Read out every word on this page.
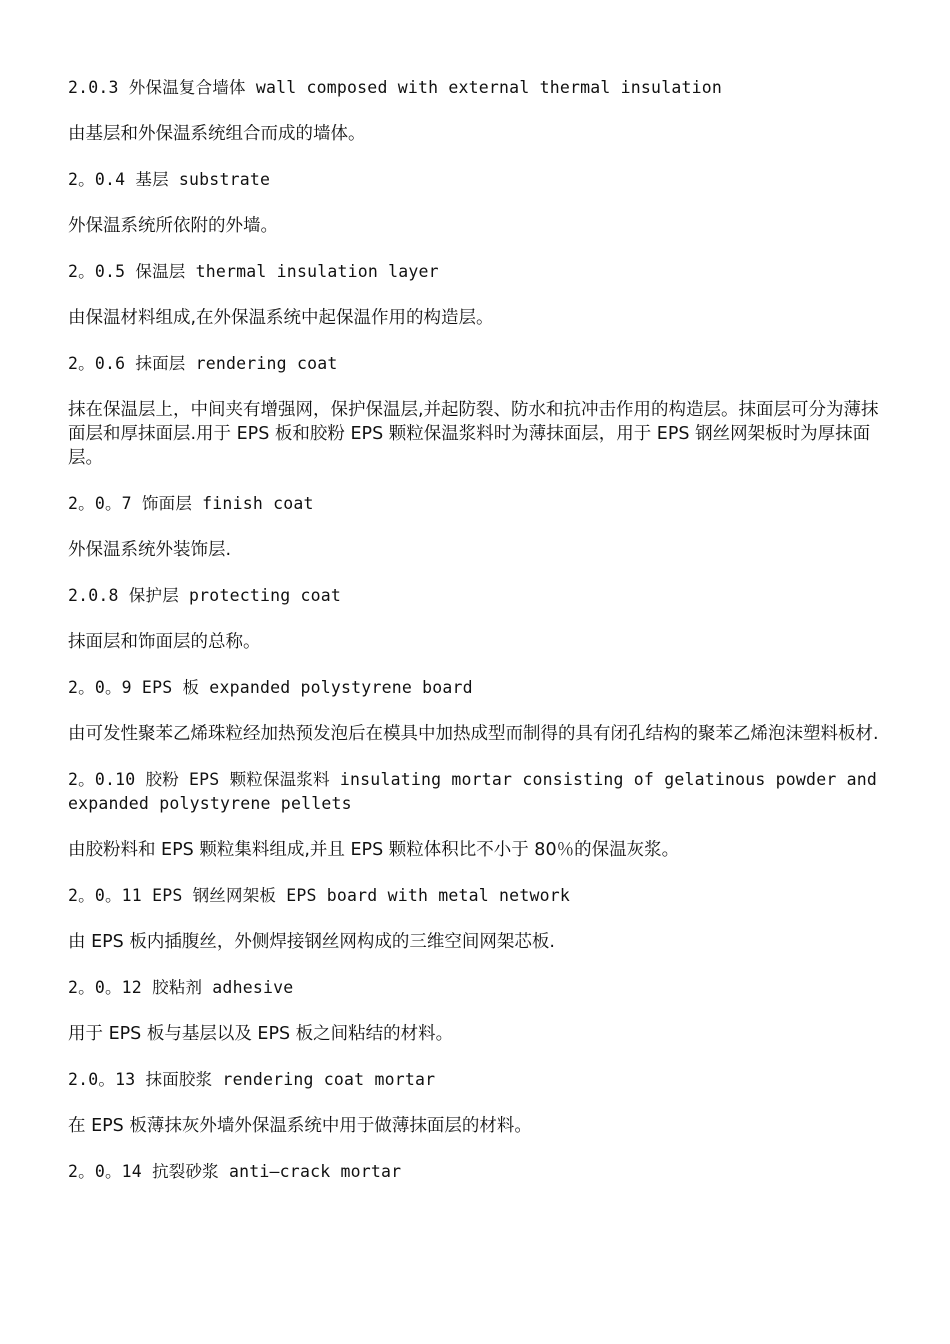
2.0.3 外保温复合墙体 wall composed with external thermal insulation

由基层和外保温系统组合而成的墙体。

2。0.4 基层 substrate

外保温系统所依附的外墙。

2。0.5 保温层 thermal insulation layer

由保温材料组成,在外保温系统中起保温作用的构造层。

2。0.6 抹面层 rendering coat

抹在保温层上，中间夹有增强网，保护保温层,并起防裂、防水和抗冲击作用的构造层。抹面层可分为薄抹面层和厚抹面层.用于 EPS 板和胶粉 EPS 颗粒保温浆料时为薄抹面层，用于 EPS 钢丝网架板时为厚抹面层。

2。0。7 饰面层 finish coat

外保温系统外装饰层.

2.0.8 保护层 protecting coat

抹面层和饰面层的总称。

2。0。9 EPS 板 expanded polystyrene board

由可发性聚苯乙烯珠粒经加热预发泡后在模具中加热成型而制得的具有闭孔结构的聚苯乙烯泡沫塑料板材.

2。0.10 胶粉 EPS 颗粒保温浆料 insulating mortar consisting of gelatinous powder and expanded polystyrene pellets

由胶粉料和 EPS 颗粒集料组成,并且 EPS 颗粒体积比不小于 80％的保温灰浆。

2。0。11 EPS 钢丝网架板 EPS board with metal network

由 EPS 板内插腹丝，外侧焊接钢丝网构成的三维空间网架芯板.

2。0。12 胶粘剂 adhesive

用于 EPS 板与基层以及 EPS 板之间粘结的材料。

2.0。13 抹面胶浆 rendering coat mortar

在 EPS 板薄抹灰外墙外保温系统中用于做薄抹面层的材料。

2。0。14 抗裂砂浆 anti—crack mortar
